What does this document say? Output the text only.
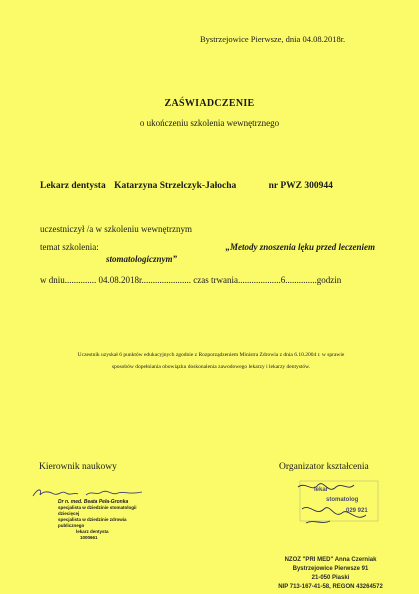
Bystrzejowice Pierwsze, dnia 04.08.2018r.
ZAŚWIADCZENIE
o ukończeniu szkolenia wewnętrznego
Lekarz dentysta Katarzyna Strzelczyk-Jałocha	nr PWZ 300944
uczestniczył /a w szkoleniu wewnętrznym
temat szkolenia:	„Metody znoszenia lęku przed leczeniem
stomatologicznym”
w dniu.............. 04.08.2018r...................... czas trwania...................6..............godzin

Uczestnik uzyskał 6 punktów edukacyjnych zgodnie z Rozporządzeniem Ministra Zdrowia z dnia 6.10.2004 r. w sprawie

sposobów dopełniania obowiązku doskonalenia zawodowego lekarzy i lekarzy dentystów.

Kierownik naukowy	Organizator kształcenia

Dr n. med. Beata Peła-Gronka

specjalista w dziedzinie stomatologii dziecięcej

specjalista w dziedzinie zdrowia publicznego

lekarz dentysta

1000661

lekar
stomatolog
029 921

NZOZ "PRI MED" Anna Czerniak

Bystrzejowice Pierwsze 91

21-050 Piaski

NIP 713-167-41-58, REGON 43264572
